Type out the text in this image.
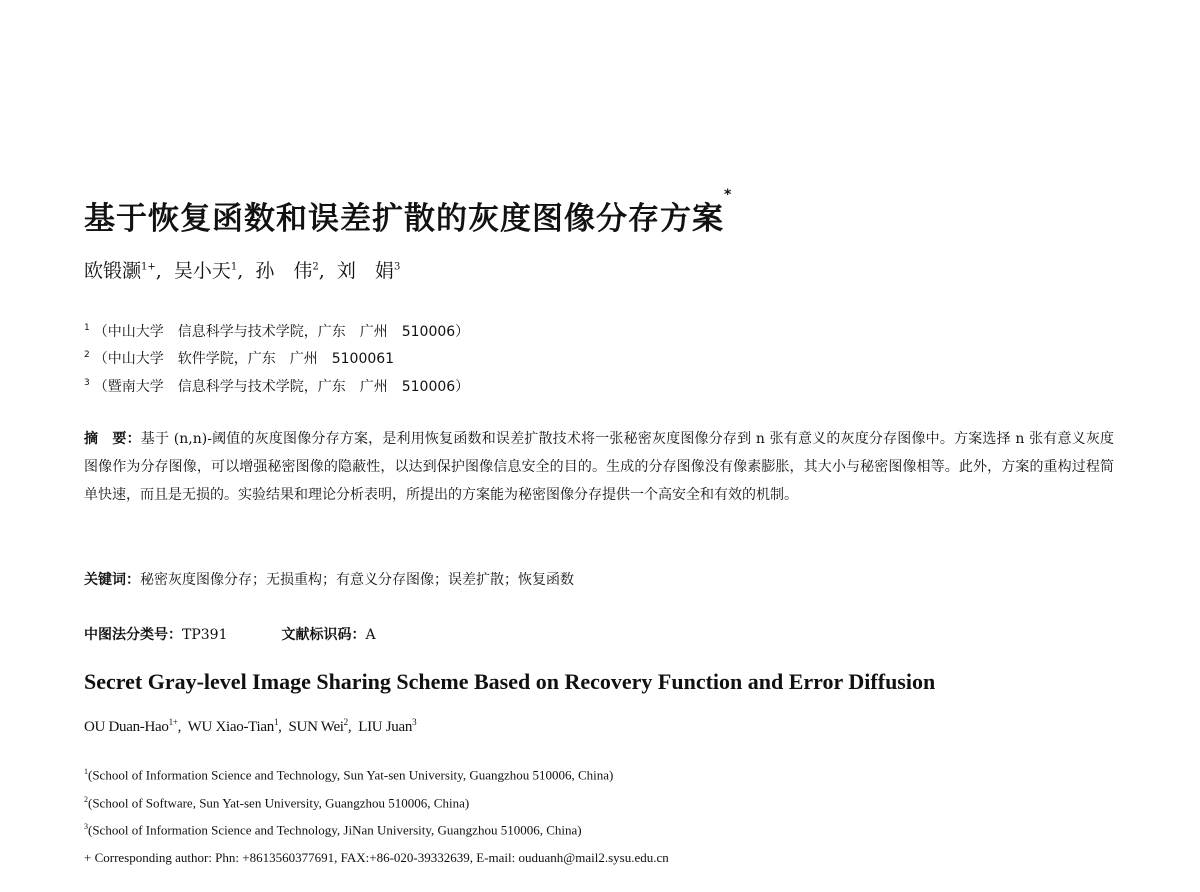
基于恢复函数和误差扩散的灰度图像分存方案*
欧锻灏$^{1+}$,  吴小天$^1$,  孙　伟$^2$,  刘　娟$^3$
$^1$ （中山大学　信息科学与技术学院，广东　广州　510006）
$^2$ （中山大学　软件学院，广东　广州　5100061
$^3$ （暨南大学　信息科学与技术学院，广东　广州　510006）
摘　要：基于 (n,n)-阈值的灰度图像分存方案，是利用恢复函数和误差扩散技术将一张秘密灰度图像分存到 n 张有意义的灰度分存图像中。方案选择 n 张有意义灰度图像作为分存图像，可以增强秘密图像的隐蔽性，以达到保护图像信息安全的目的。生成的分存图像没有像素膨胀，其大小与秘密图像相等。此外，方案的重构过程简单快速，而且是无损的。实验结果和理论分析表明，所提出的方案能为秘密图像分存提供一个高安全和有效的机制。
关键词：秘密灰度图像分存；无损重构；有意义分存图像；误差扩散；恢复函数
中图法分类号：TP391	文献标识码：A
Secret Gray-level Image Sharing Scheme Based on Recovery Function and Error Diffusion
OU Duan-Hao$^{1+}$,  WU Xiao-Tian$^1$,  SUN Wei$^2$,  LIU Juan$^3$
$^1$(School of Information Science and Technology, Sun Yat-sen University, Guangzhou 510006, China)
$^2$(School of Software, Sun Yat-sen University, Guangzhou 510006, China)
$^3$(School of Information Science and Technology, JiNan University, Guangzhou 510006, China)
+ Corresponding author: Phn: +8613560377691, FAX:+86-020-39332639, E-mail: ouduanh@mail2.sysu.edu.cn
